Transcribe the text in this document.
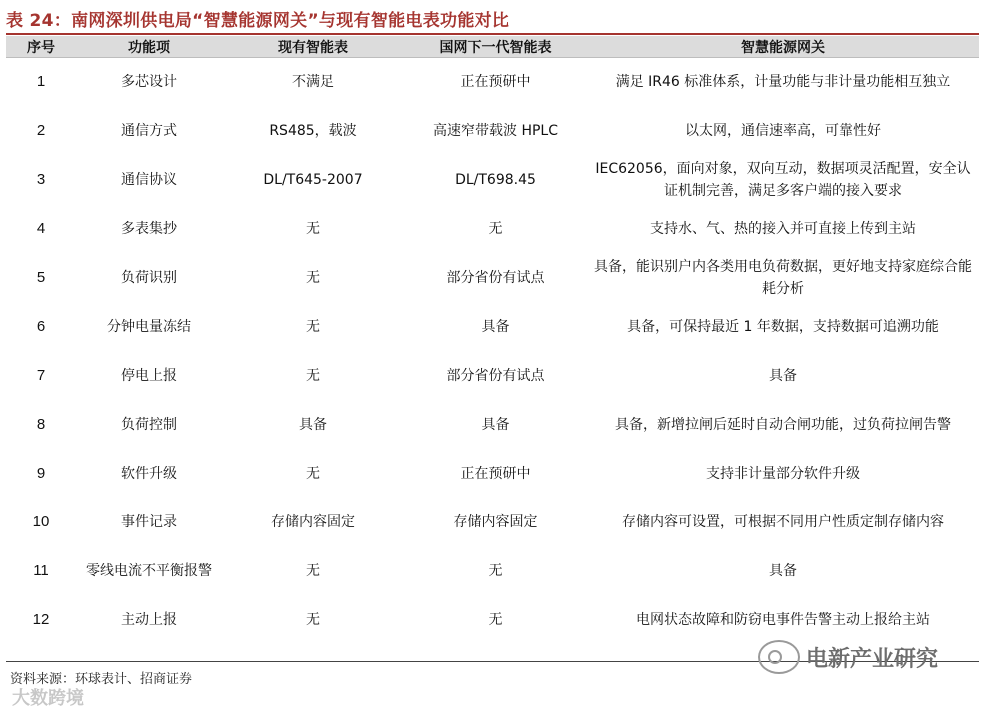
表 24：南网深圳供电局“智慧能源网关”与现有智能电表功能对比
序号	功能项	现有智能表	国网下一代智能表	智慧能源网关
1	多芯设计	不满足	正在预研中	满足 IR46 标准体系，计量功能与非计量功能相互独立
2	通信方式	RS485，载波	高速窄带载波 HPLC	以太网，通信速率高，可靠性好
3	通信协议	DL/T645-2007	DL/T698.45	IEC62056，面向对象，双向互动，数据项灵活配置，安全认证机制完善，满足多客户端的接入要求
4	多表集抄	无	无	支持水、气、热的接入并可直接上传到主站
5	负荷识别	无	部分省份有试点	具备，能识别户内各类用电负荷数据，更好地支持家庭综合能耗分析
6	分钟电量冻结	无	具备	具备，可保持最近 1 年数据，支持数据可追溯功能
7	停电上报	无	部分省份有试点	具备
8	负荷控制	具备	具备	具备，新增拉闸后延时自动合闸功能，过负荷拉闸告警
9	软件升级	无	正在预研中	支持非计量部分软件升级
10	事件记录	存储内容固定	存储内容固定	存储内容可设置，可根据不同用户性质定制存储内容
11	零线电流不平衡报警	无	无	具备
12	主动上报	无	无	电网状态故障和防窃电事件告警主动上报给主站
资料来源：环球表计、招商证券
大数跨境
电新产业研究
